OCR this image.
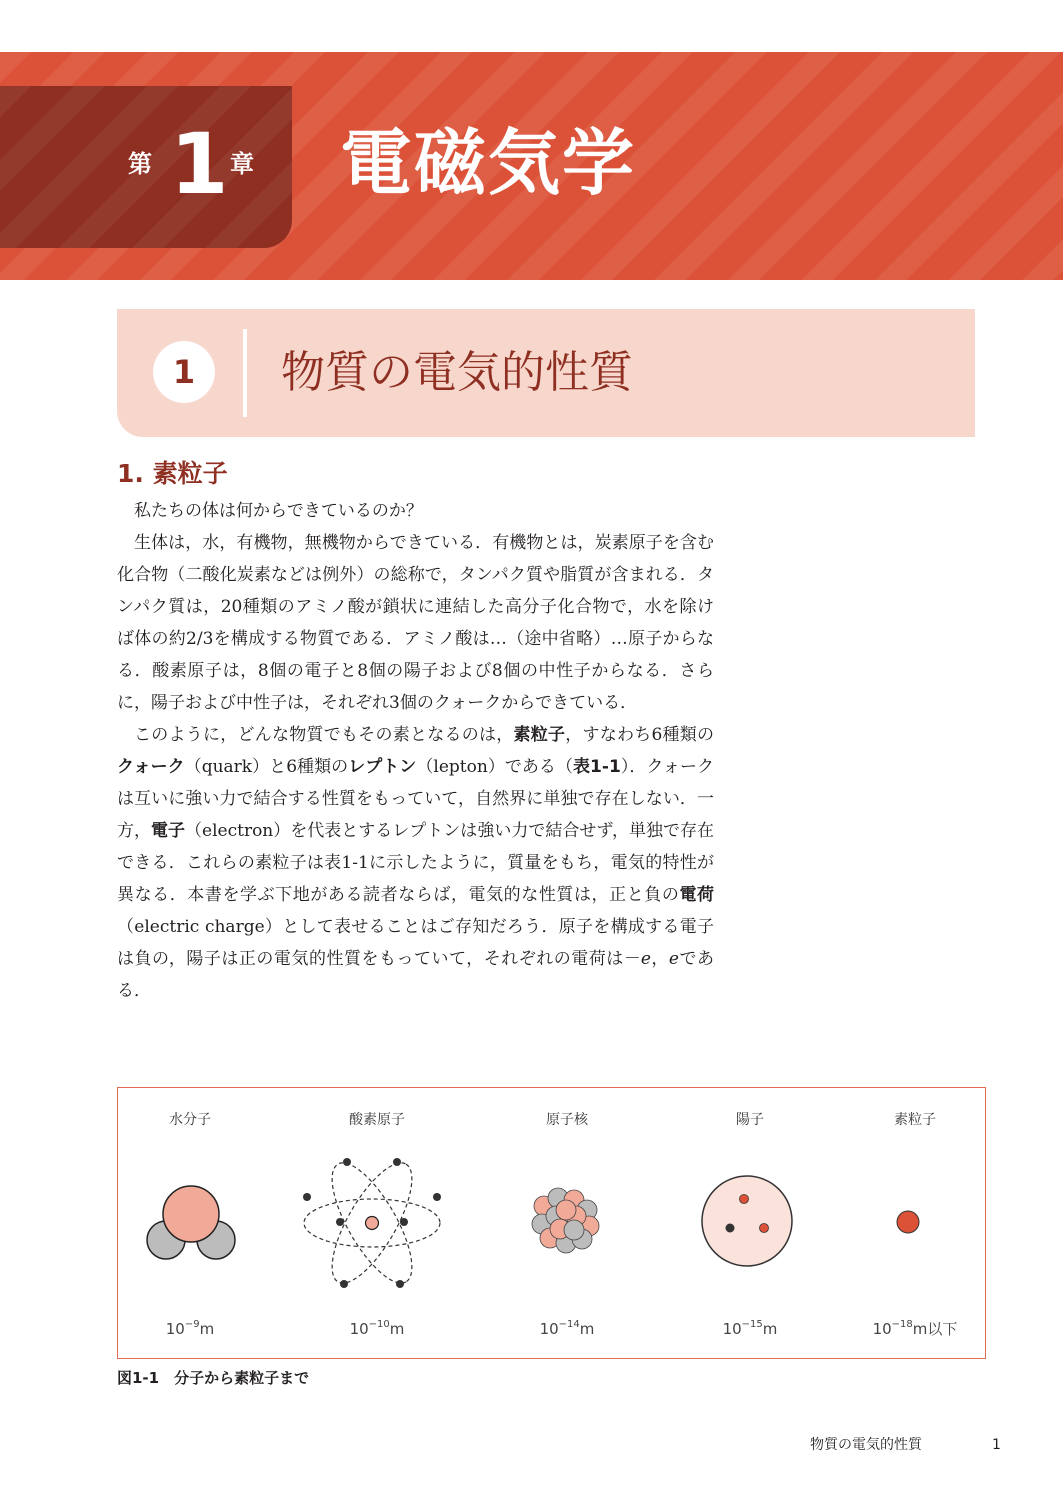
第 1 章 電磁気学
1	物質の電気的性質
1. 素粒子

私たちの体は何からできているのか？

生体は，水，有機物，無機物からできている．有機物とは，炭素原子を含む化合物（二酸化炭素などは例外）の総称で，タンパク質や脂質が含まれる．タンパク質は，20種類のアミノ酸が鎖状に連結した高分子化合物で，水を除けば体の約2/3を構成する物質である．アミノ酸は…（途中省略）…原子からなる．酸素原子は，8個の電子と8個の陽子および8個の中性子からなる．さらに，陽子および中性子は，それぞれ3個のクォークからできている．

このように，どんな物質でもその素となるのは，素粒子，すなわち6種類のクォーク（quark）と6種類のレプトン（lepton）である（表1-1）．クォークは互いに強い力で結合する性質をもっていて，自然界に単独で存在しない．一方，電子（electron）を代表とするレプトンは強い力で結合せず，単独で存在できる．これらの素粒子は表1-1に示したように，質量をもち，電気的特性が異なる．本書を学ぶ下地がある読者ならば，電気的な性質は，正と負の電荷（electric charge）として表せることはご存知だろう．原子を構成する電子は負の，陽子は正の電気的性質をもっていて，それぞれの電荷は－e，eである．

水分子	酸素原子	原子核	陽子	素粒子
$10^{-9}m$	$10^{-10}m$	$10^{-14}m$	$10^{-15}m$	$10^{-18}m$以下
図1-1　分子から素粒子まで
物質の電気的性質	1
